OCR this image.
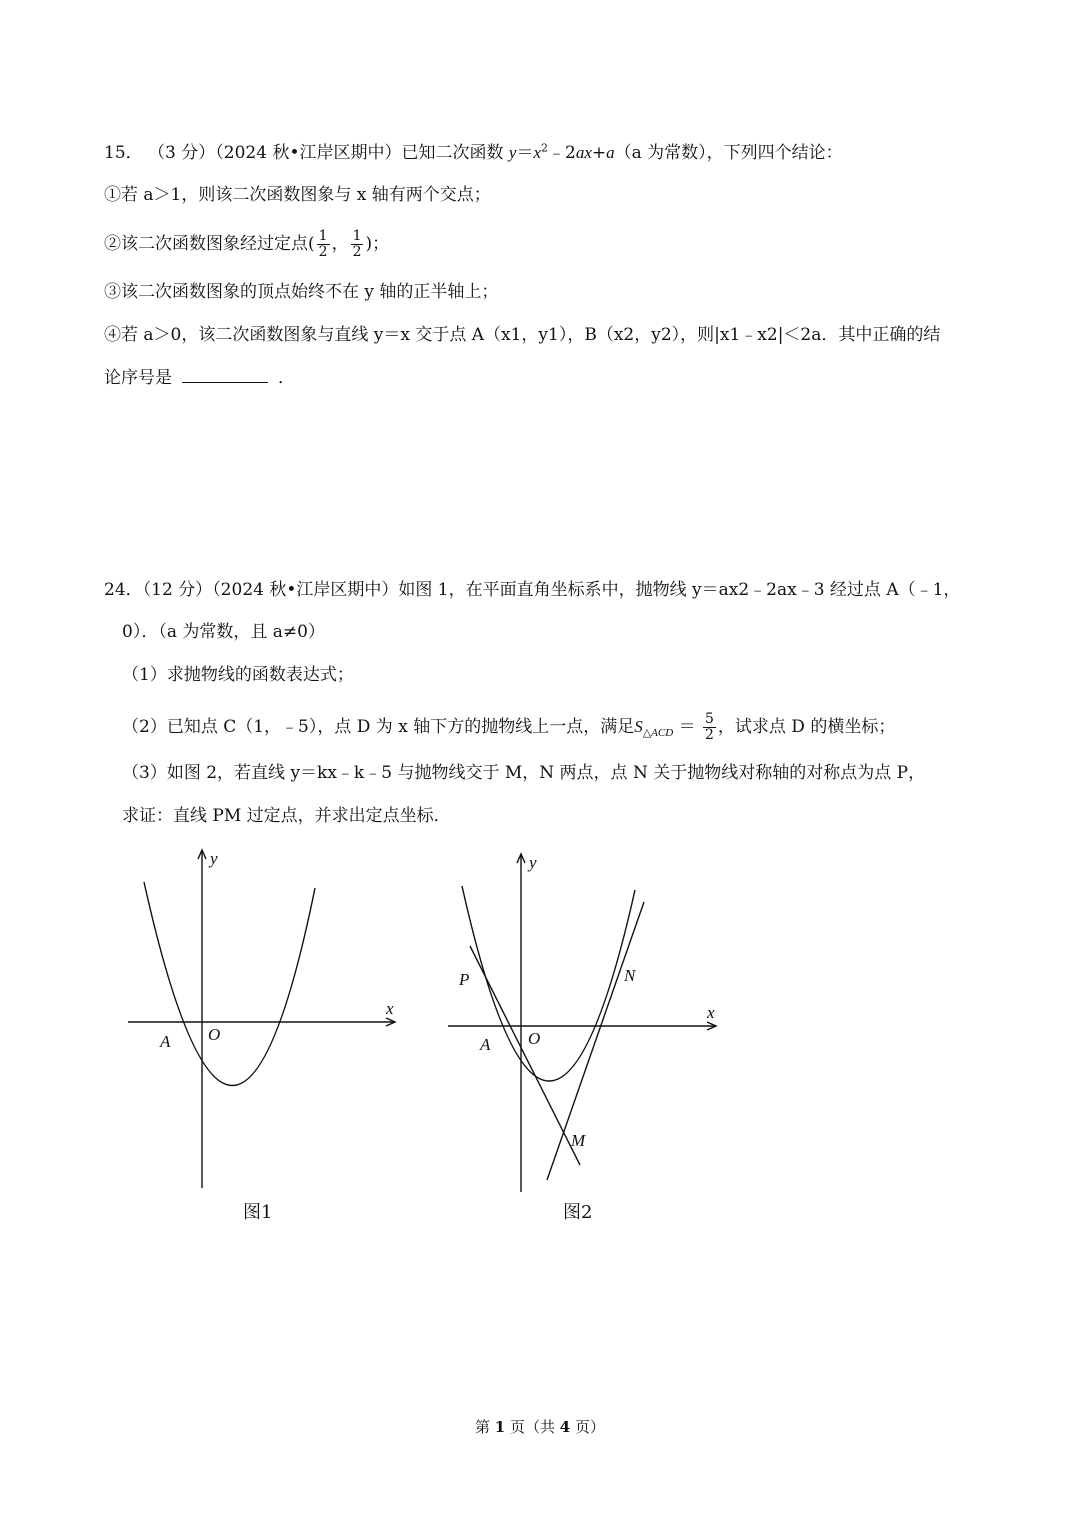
15． （3 分）（2024 秋•江岸区期中）已知二次函数 $y=x^2﹣2ax+a(a$ 为常数），下列四个结论：
①若 a＞1，则该二次函数图象与 x 轴有两个交点；
②该二次函数图象经过定点( $\frac{1}{2}$ ， $\frac{1}{2}$ )；
③该二次函数图象的顶点始终不在 y 轴的正半轴上；
④若 a＞0，该二次函数图象与直线 y＝x 交于点 A（x1，y1），B（x2，y2），则|x1﹣x2|＜2a．其中正确的结
论序号是	．
24．（12 分）（2024 秋•江岸区期中）如图 1，在平面直角坐标系中，抛物线 y＝ax2﹣2ax﹣3 经过点 A（﹣1，
0）．（a 为常数，且 a≠0）
（1）求抛物线的函数表达式；
（2）已知点 C（1，﹣5），点 D 为 x 轴下方的抛物线上一点，满足$S_{\triangle ACD} = \frac{5}{2}$ ，试求点 D 的横坐标；
（3）如图 2，若直线 y＝kx﹣k﹣5 与抛物线交于 M，N 两点，点 N 关于抛物线对称轴的对称点为点 P，
求证：直线 PM 过定点，并求出定点坐标．
y
x
O
A
图1
y
x
O
A
P	N
M
图2
第 1 页（共 4 页）
